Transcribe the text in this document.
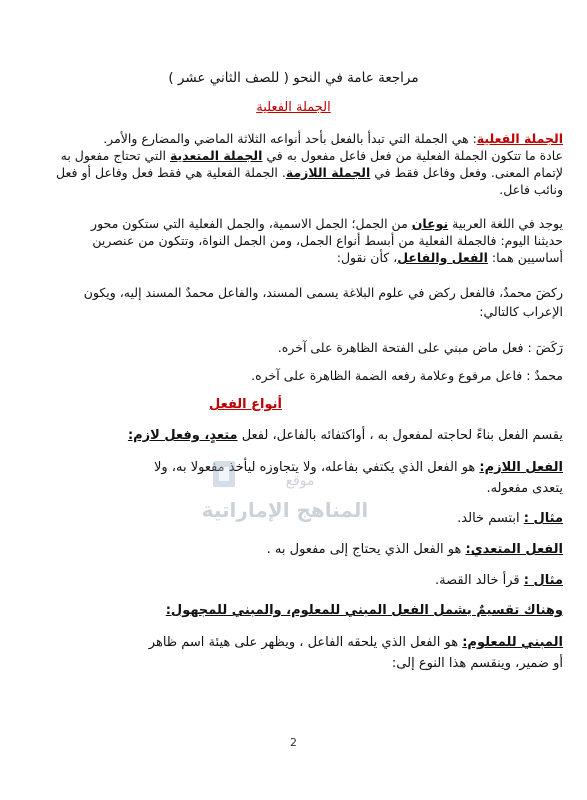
مراجعة عامة في النحو ( للصف الثاني عشر )
الجملة الفعلية
الجملة الفعلية: هي الجملة التي تبدأ بالفعل بأحد أنواعه الثلاثة الماضي والمضارع والأمر.
عادة ما تتكون الجملة الفعلية من فعل فاعل مفعول به في الجملة المتعدية التي تحتاج مفعول به
لإتمام المعنى. وفعل وفاعل فقط في الجملة اللازمة. الجملة الفعلية هي فقط فعل وفاعل أو فعل
ونائب فاعل.
يوجد في اللغة العربية نوعان من الجمل؛ الجمل الاسمية، والجمل الفعلية التي ستكون محور
حديثنا اليوم: فالجملة الفعلية من أبسط أنواع الجمل، ومن الجمل النواة، وتتكون من عنصرين
أساسيين هما: الفعل والفاعل، كأن نقول:
ركضَ محمدٌ، فالفعل ركض في علوم البلاغة يسمى المسند، والفاعل محمدٌ المسند إليه، ويكون
الإعراب كالتالي:
رَكَضَ : فعل ماض مبني على الفتحة الظاهرة على آخره.
محمدٌ : فاعل مرفوع وعلامة رفعه الضمة الظاهرة على آخره.
أنواع الفعل
يقسم الفعل بناءً لحاجته لمفعول به ، أواكتفائه بالفاعل، لفعل متعدٍ، وفعل لازم:
الفعل اللازم: هو الفعل الذي يكتفي بفاعله، ولا يتجاوزه ليأخذ مفعولا به، ولا
يتعدى مفعوله.
مثال : ابتسم خالد.
الفعل المتعدي: هو الفعل الذي يحتاج إلى مفعول به .
مثال : قرأ خالد القصة.
وهناك تقسيمٌ يشمل الفعل المبني للمعلوم، والمبني للمجهول:
المبني للمعلوم: هو الفعل الذي يلحقه الفاعل ، ويظهر على هيئة اسم ظاهر
أو ضمير، وينقسم هذا النوع إلى:
موقع
المناهج الإماراتية
2
